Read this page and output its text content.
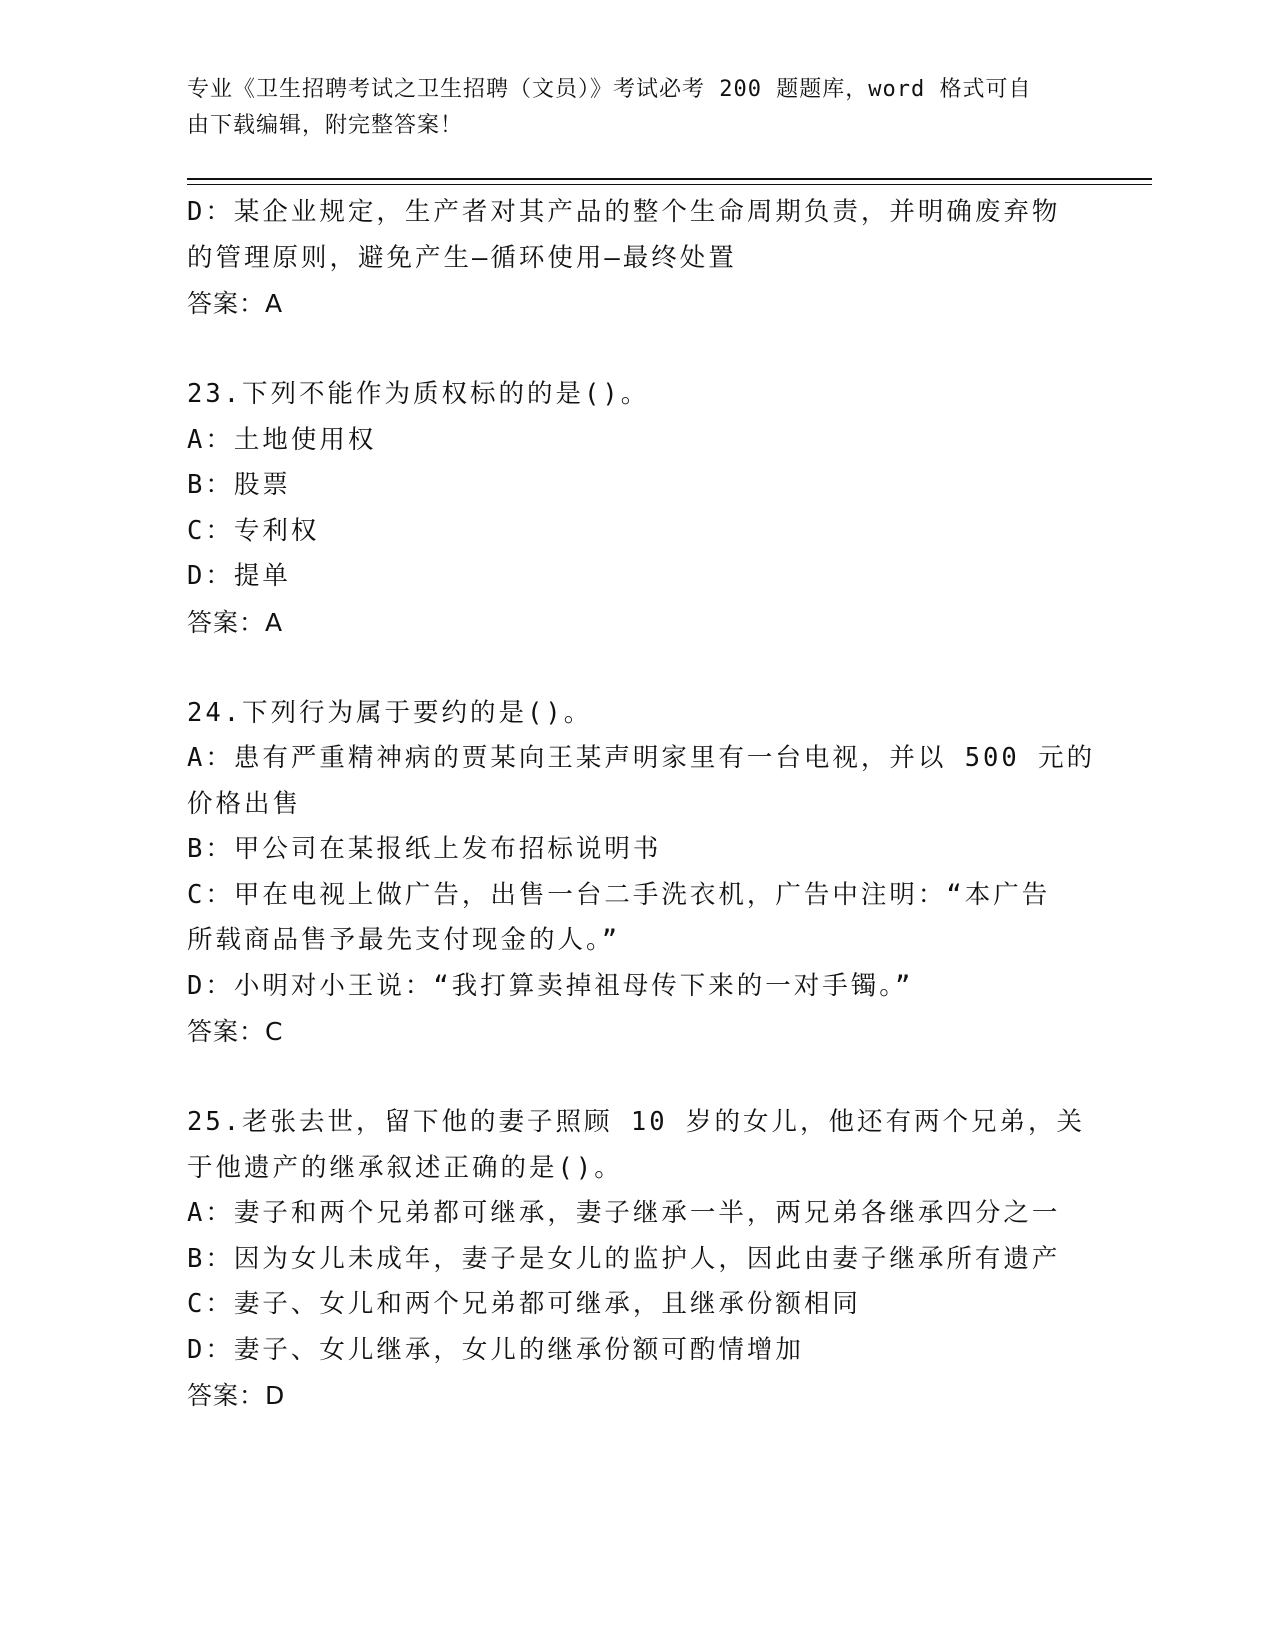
专业《卫生招聘考试之卫生招聘（文员）》考试必考 200 题题库，word 格式可自
由下载编辑，附完整答案！
D：某企业规定，生产者对其产品的整个生命周期负责，并明确废弃物
的管理原则，避免产生—循环使用—最终处置
答案：A
23.下列不能作为质权标的的是()。
A：土地使用权
B：股票
C：专利权
D：提单
答案：A
24.下列行为属于要约的是()。
A：患有严重精神病的贾某向王某声明家里有一台电视，并以 500 元的
价格出售
B：甲公司在某报纸上发布招标说明书
C：甲在电视上做广告，出售一台二手洗衣机，广告中注明：“本广告
所载商品售予最先支付现金的人。”
D：小明对小王说：“我打算卖掉祖母传下来的一对手镯。”
答案：C
25.老张去世，留下他的妻子照顾 10 岁的女儿，他还有两个兄弟，关
于他遗产的继承叙述正确的是()。
A：妻子和两个兄弟都可继承，妻子继承一半，两兄弟各继承四分之一
B：因为女儿未成年，妻子是女儿的监护人，因此由妻子继承所有遗产
C：妻子、女儿和两个兄弟都可继承，且继承份额相同
D：妻子、女儿继承，女儿的继承份额可酌情增加
答案：D
